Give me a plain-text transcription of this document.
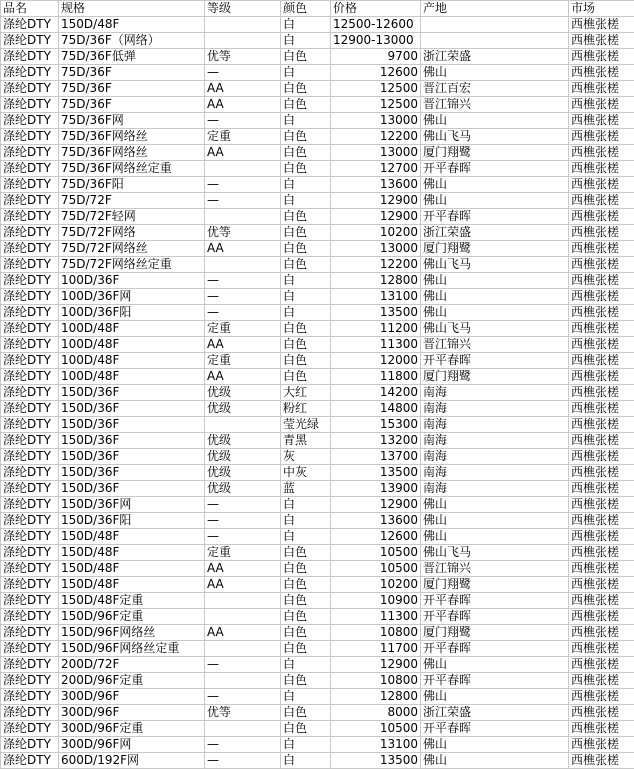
品名	规格	等级	颜色	价格	产地	市场
涤纶DTY	150D/48F		白	12500-12600		西樵张槎
涤纶DTY	75D/36F（网络）		白	12900-13000		西樵张槎
涤纶DTY	75D/36F低弹	优等	白色	9700	浙江荣盛	西樵张槎
涤纶DTY	75D/36F	—	白	12600	佛山	西樵张槎
涤纶DTY	75D/36F	AA	白色	12500	晋江百宏	西樵张槎
涤纶DTY	75D/36F	AA	白色	12500	晋江锦兴	西樵张槎
涤纶DTY	75D/36F网	—	白	13000	佛山	西樵张槎
涤纶DTY	75D/36F网络丝	定重	白色	12200	佛山飞马	西樵张槎
涤纶DTY	75D/36F网络丝	AA	白色	13000	厦门翔鹭	西樵张槎
涤纶DTY	75D/36F网络丝定重		白色	12700	开平春晖	西樵张槎
涤纶DTY	75D/36F阳	—	白	13600	佛山	西樵张槎
涤纶DTY	75D/72F	—	白	12900	佛山	西樵张槎
涤纶DTY	75D/72F轻网		白色	12900	开平春晖	西樵张槎
涤纶DTY	75D/72F网络	优等	白色	10200	浙江荣盛	西樵张槎
涤纶DTY	75D/72F网络丝	AA	白色	13000	厦门翔鹭	西樵张槎
涤纶DTY	75D/72F网络丝定重		白色	12200	佛山飞马	西樵张槎
涤纶DTY	100D/36F	—	白	12800	佛山	西樵张槎
涤纶DTY	100D/36F网	—	白	13100	佛山	西樵张槎
涤纶DTY	100D/36F阳	—	白	13500	佛山	西樵张槎
涤纶DTY	100D/48F	定重	白色	11200	佛山飞马	西樵张槎
涤纶DTY	100D/48F	AA	白色	11300	晋江锦兴	西樵张槎
涤纶DTY	100D/48F	定重	白色	12000	开平春晖	西樵张槎
涤纶DTY	100D/48F	AA	白色	11800	厦门翔鹭	西樵张槎
涤纶DTY	150D/36F	优级	大红	14200	南海	西樵张槎
涤纶DTY	150D/36F	优级	粉红	14800	南海	西樵张槎
涤纶DTY	150D/36F		莹光绿	15300	南海	西樵张槎
涤纶DTY	150D/36F	优级	青黑	13200	南海	西樵张槎
涤纶DTY	150D/36F	优级	灰	13700	南海	西樵张槎
涤纶DTY	150D/36F	优级	中灰	13500	南海	西樵张槎
涤纶DTY	150D/36F	优级	蓝	13900	南海	西樵张槎
涤纶DTY	150D/36F网	—	白	12900	佛山	西樵张槎
涤纶DTY	150D/36F阳	—	白	13600	佛山	西樵张槎
涤纶DTY	150D/48F	—	白	12600	佛山	西樵张槎
涤纶DTY	150D/48F	定重	白色	10500	佛山飞马	西樵张槎
涤纶DTY	150D/48F	AA	白色	10500	晋江锦兴	西樵张槎
涤纶DTY	150D/48F	AA	白色	10200	厦门翔鹭	西樵张槎
涤纶DTY	150D/48F定重		白色	10900	开平春晖	西樵张槎
涤纶DTY	150D/96F定重		白色	11300	开平春晖	西樵张槎
涤纶DTY	150D/96F网络丝	AA	白色	10800	厦门翔鹭	西樵张槎
涤纶DTY	150D/96F网络丝定重		白色	11700	开平春晖	西樵张槎
涤纶DTY	200D/72F	—	白	12900	佛山	西樵张槎
涤纶DTY	200D/96F定重		白色	10800	开平春晖	西樵张槎
涤纶DTY	300D/96F	—	白	12800	佛山	西樵张槎
涤纶DTY	300D/96F	优等	白色	8000	浙江荣盛	西樵张槎
涤纶DTY	300D/96F定重		白色	10500	开平春晖	西樵张槎
涤纶DTY	300D/96F网	—	白	13100	佛山	西樵张槎
涤纶DTY	600D/192F网	—	白	13500	佛山	西樵张槎
